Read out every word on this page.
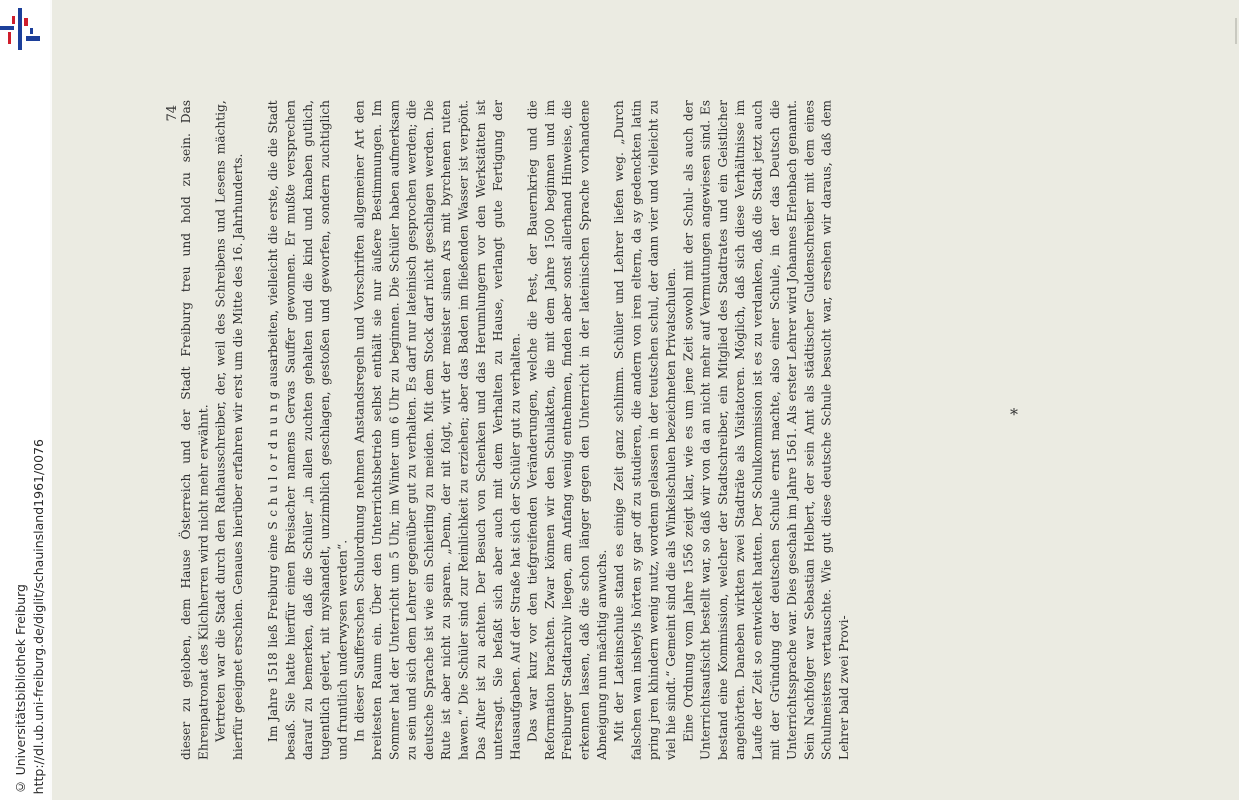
© Universitätsbibliothek Freiburg http://dl.ub.uni-freiburg.de/diglit/schauinsland1961/0076
74 dieser zu geloben, dem Hause Österreich und der Stadt Freiburg treu und hold zu sein. Das Ehrenpatronat des Kilchherren wird nicht mehr erwähnt. Vertreten war die Stadt durch den Rathausschreiber, der, weil des Schreibens und Lesens mächtig, hierfür geeignet erschien. Genaues hierüber erfahren wir erst um die Mitte des 16. Jahrhunderts. Im Jahre 1518 ließ Freiburg eine S c h u l o r d n u n g ausarbeiten, vielleicht die erste, die die Stadt besaß. Sie hatte hierfür einen Breisacher namens Gervas Sauffer gewonnen. Er mußte versprechen darauf zu bemerken, daß die Schüler „in allen zuchten gehalten und die kind und knaben gutlich, tugentlich gelert, nit myshandelt, unzimblich geschlagen, gestoßen und geworfen, sondern zuchtiglich und fruntlich underwysen werden“. In dieser Saufferschen Schulordnung nehmen Anstandsregeln und Vorschriften allgemeiner Art den breitesten Raum ein. Über den Unterrichtsbetrieb selbst enthält sie nur äußere Bestimmungen. Im Sommer hat der Unterricht um 5 Uhr, im Winter um 6 Uhr zu beginnen. Die Schüler haben aufmerksam zu sein und sich dem Lehrer gegenüber gut zu verhalten. Es darf nur lateinisch gesprochen werden; die deutsche Sprache ist wie ein Schierling zu meiden. Mit dem Stock darf nicht geschlagen werden. Die Rute ist aber nicht zu sparen. „Denn, der nit folgt, wirt der meister sinen Ars mit byrchenen ruten hawen.“ Die Schüler sind zur Reinlichkeit zu erziehen; aber das Baden im fließenden Wasser ist verpönt. Das Alter ist zu achten. Der Besuch von Schenken und das Herumlungern vor den Werkstätten ist untersagt. Sie befaßt sich aber auch mit dem Verhalten zu Hause, verlangt gute Fertigung der Hausaufgaben. Auf der Straße hat sich der Schüler gut zu verhalten. Das war kurz vor den tiefgreifenden Veränderungen, welche die Pest, der Bauernkrieg und die Reformation brachten. Zwar können wir den Schulakten, die mit dem Jahre 1500 beginnen und im Freiburger Stadtarchiv liegen, am Anfang wenig entnehmen, finden aber sonst allerhand Hinweise, die erkennen lassen, daß die schon länger gegen den Unterricht in der lateinischen Sprache vorhandene Abneigung nun mächtig anwuchs. Mit der Lateinschule stand es einige Zeit ganz schlimm. Schüler und Lehrer liefen weg. „Durch falschen wan insheyls hörten sy gar off zu studieren, die andern von iren eltern, da sy gedenckten latin pring jren khindern wenig nutz, wordenn gelassen in der teutschen schul, der dann vier und vielleicht zu viel hie sindt.“ Gemeint sind die als Winkelschulen bezeichneten Privatschulen. Eine Ordnung vom Jahre 1556 zeigt klar, wie es um jene Zeit sowohl mit der Schul- als auch der Unterrichtsaufsicht bestellt war, so daß wir von da an nicht mehr auf Vermutungen angewiesen sind. Es bestand eine Kommission, welcher der Stadtschreiber, ein Mitglied des Stadtrates und ein Geistlicher angehörten. Daneben wirkten zwei Stadträte als Visitatoren. Möglich, daß sich diese Verhältnisse im Laufe der Zeit so entwickelt hatten. Der Schulkommission ist es zu verdanken, daß die Stadt jetzt auch mit der Gründung der deutschen Schule ernst machte, also einer Schule, in der das Deutsch die Unterrichtssprache war. Dies geschah im Jahre 1561. Als erster Lehrer wird Johannes Erlenbach genannt. Sein Nachfolger war Sebastian Helbert, der sein Amt als städtischer Guldenschreiber mit dem eines Schulmeisters vertauschte. Wie gut diese deutsche Schule besucht war, ersehen wir daraus, daß dem Lehrer bald zwei Provi-

*
